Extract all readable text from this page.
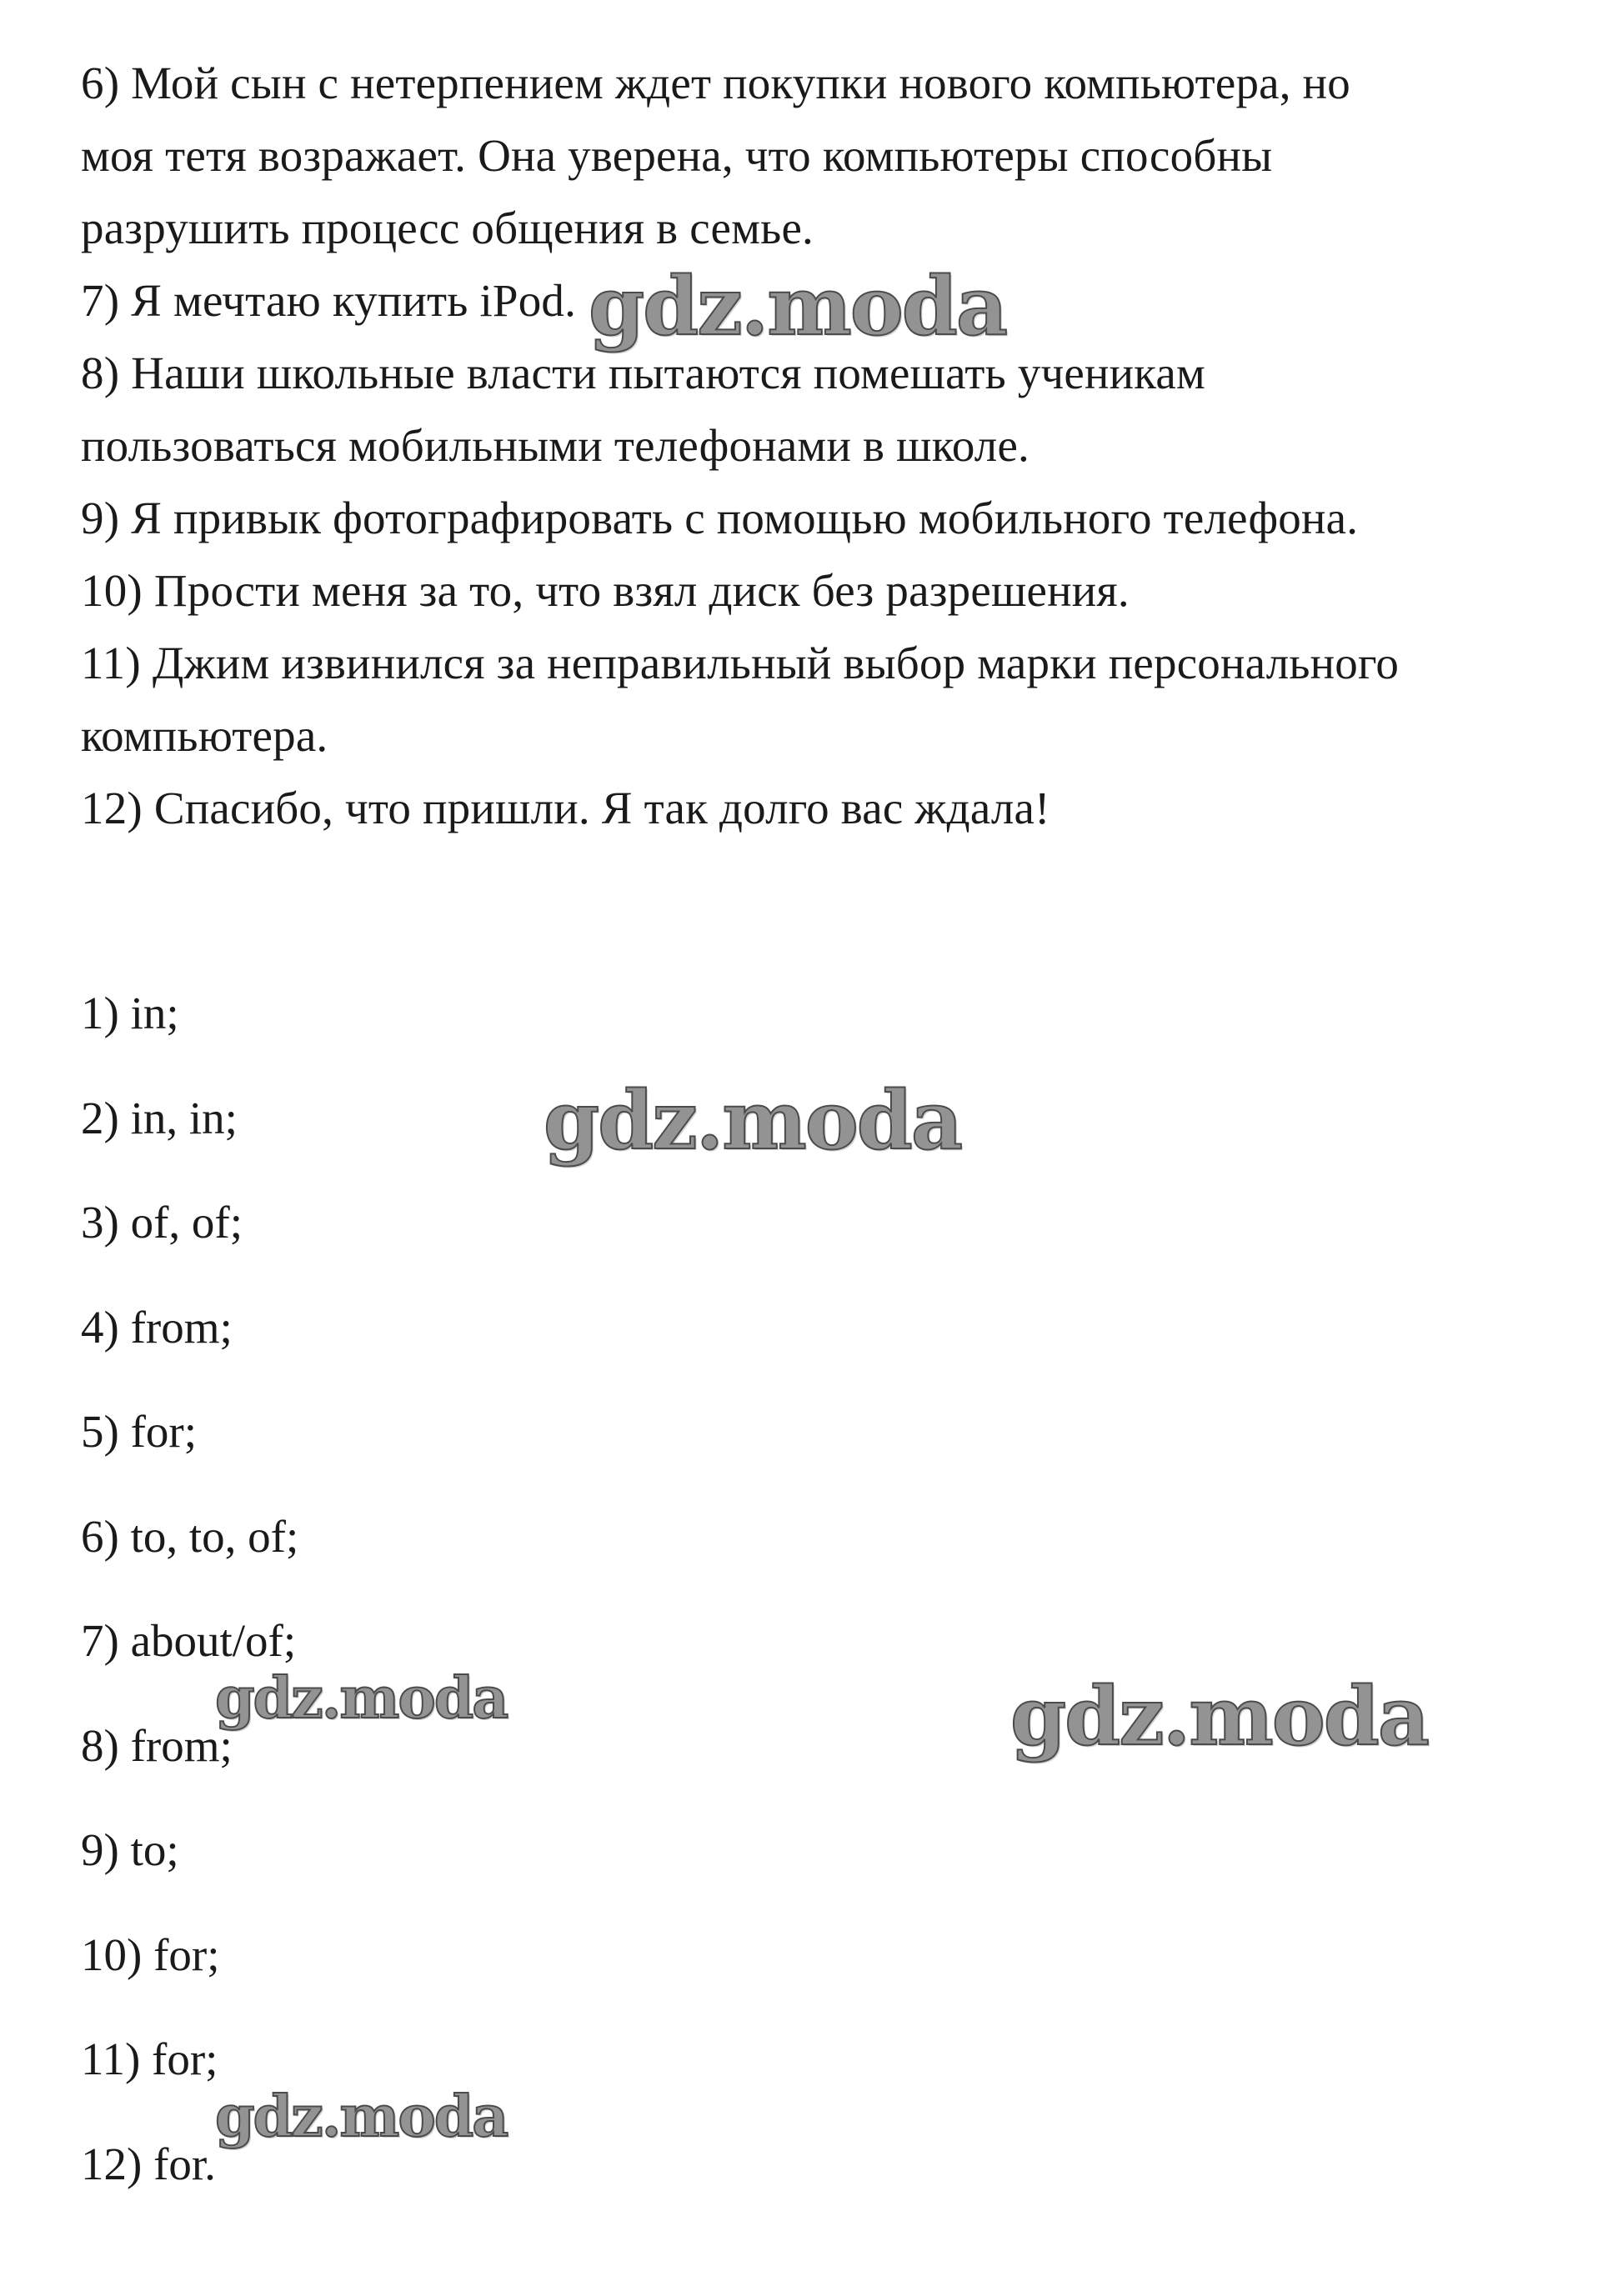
6) Мой сын с нетерпением ждет покупки нового компьютера, но
моя тетя возражает. Она уверена, что компьютеры способны
разрушить процесс общения в семье.
7) Я мечтаю купить iPod.
8) Наши школьные власти пытаются помешать ученикам
пользоваться мобильными телефонами в школе.
9) Я привык фотографировать с помощью мобильного телефона.
10) Прости меня за то, что взял диск без разрешения.
11) Джим извинился за неправильный выбор марки персонального
компьютера.
12) Спасибо, что пришли. Я так долго вас ждала!
1) in;
2) in, in;
3) of, of;
4) from;
5) for;
6) to, to, of;
7) about/of;
8) from;
9) to;
10) for;
11) for;
12) for.
gdz.moda
gdz.moda
gdz.moda	gdz.moda
gdz.moda
